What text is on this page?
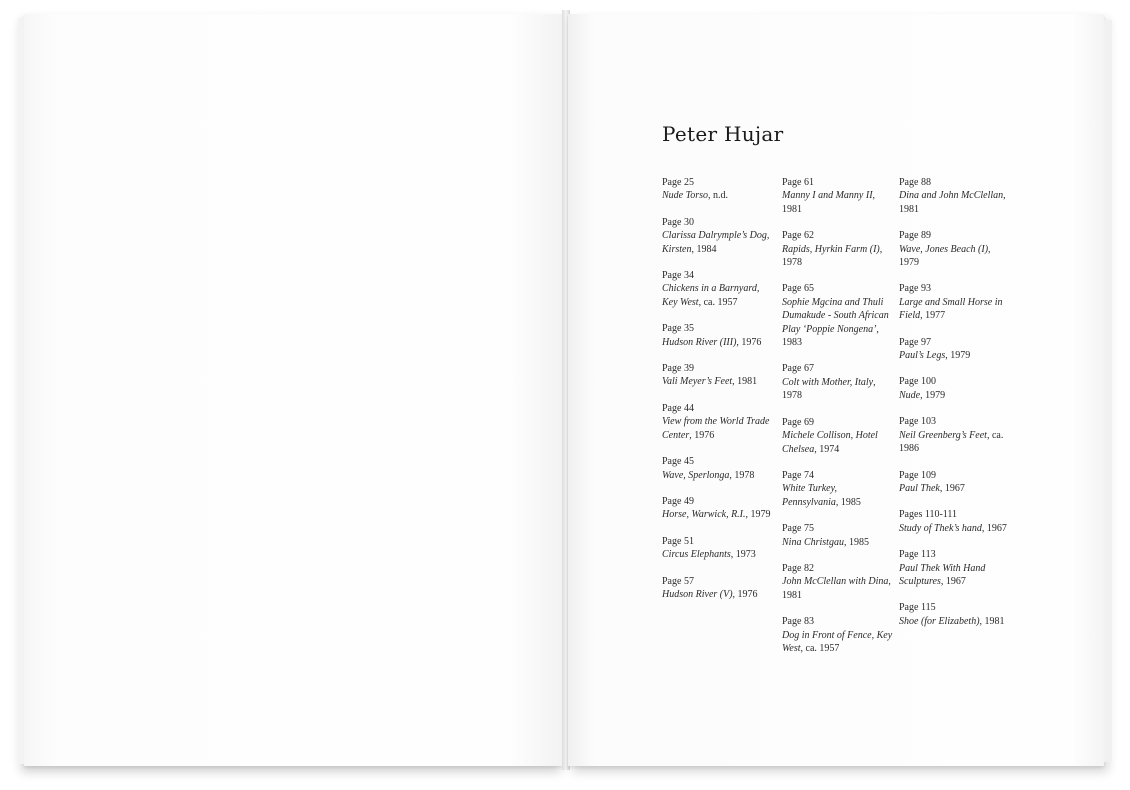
Peter Hujar

Page 25
Nude Torso, n.d.

Page 30
Clarissa Dalrymple’s Dog, Kirsten, 1984

Page 34
Chickens in a Barnyard, Key West, ca. 1957

Page 35
Hudson River (III), 1976

Page 39
Vali Meyer’s Feet, 1981

Page 44
View from the World Trade Center, 1976

Page 45
Wave, Sperlonga, 1978

Page 49
Horse, Warwick, R.I., 1979

Page 51
Circus Elephants, 1973

Page 57
Hudson River (V), 1976

Page 61
Manny I and Manny II, 1981

Page 62
Rapids, Hyrkin Farm (I), 1978

Page 65
Sophie Mgcina and Thuli Dumakude - South African Play ‘Poppie Nongena’, 1983

Page 67
Colt with Mother, Italy, 1978

Page 69
Michele Collison, Hotel Chelsea, 1974

Page 74
White Turkey, Pennsylvania, 1985

Page 75
Nina Christgau, 1985

Page 82
John McClellan with Dina, 1981

Page 83
Dog in Front of Fence, Key West, ca. 1957

Page 88
Dina and John McClellan, 1981

Page 89
Wave, Jones Beach (I), 1979

Page 93
Large and Small Horse in Field, 1977

Page 97
Paul’s Legs, 1979

Page 100
Nude, 1979

Page 103
Neil Greenberg’s Feet, ca. 1986

Page 109
Paul Thek, 1967

Pages 110-111
Study of Thek’s hand, 1967

Page 113
Paul Thek With Hand Sculptures, 1967

Page 115
Shoe (for Elizabeth), 1981
